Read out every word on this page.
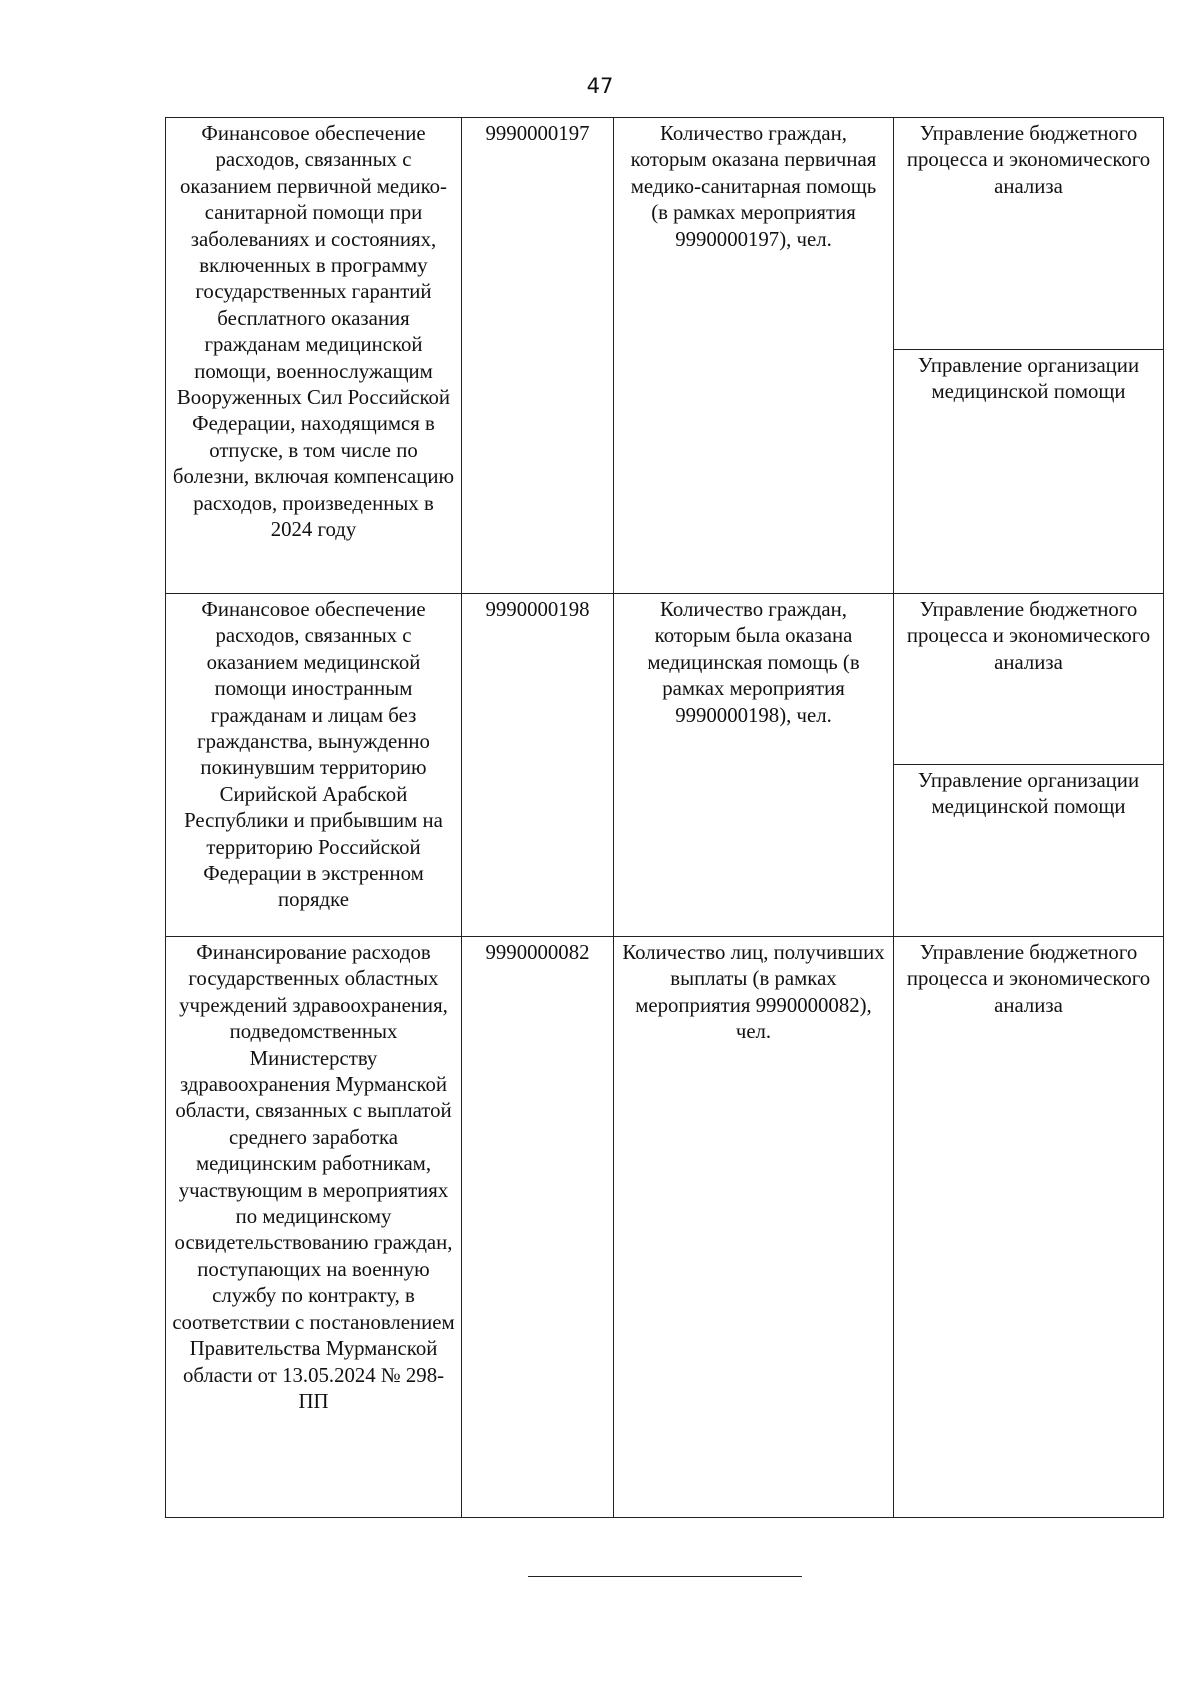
47
Финансовое обеспечение расходов, связанных с оказанием первичной медико-санитарной помощи при заболеваниях и состояниях, включенных в программу государственных гарантий бесплатного оказания гражданам медицинской помощи, военнослужащим Вооруженных Сил Российской Федерации, находящимся в отпуске, в том числе по болезни, включая компенсацию расходов, произведенных в 2024 году	9990000197	Количество граждан, которым оказана первичная медико-санитарная помощь (в рамках мероприятия 9990000197), чел.	Управление бюджетного процесса и экономического анализа
Управление организации медицинской помощи

Финансовое обеспечение расходов, связанных с оказанием медицинской помощи иностранным гражданам и лицам без гражданства, вынужденно покинувшим территорию Сирийской Арабской Республики и прибывшим на территорию Российской Федерации в экстренном порядке	9990000198	Количество граждан, которым была оказана медицинская помощь (в рамках мероприятия 9990000198), чел.	Управление бюджетного процесса и экономического анализа
Управление организации медицинской помощи

Финансирование расходов государственных областных учреждений здравоохранения, подведомственных Министерству здравоохранения Мурманской области, связанных с выплатой среднего заработка медицинским работникам, участвующим в мероприятиях по медицинскому освидетельствованию граждан, поступающих на военную службу по контракту, в соответствии с постановлением Правительства Мурманской области от 13.05.2024 № 298-ПП	9990000082	Количество лиц, получивших выплаты (в рамках мероприятия 9990000082), чел.	Управление бюджетного процесса и экономического анализа
